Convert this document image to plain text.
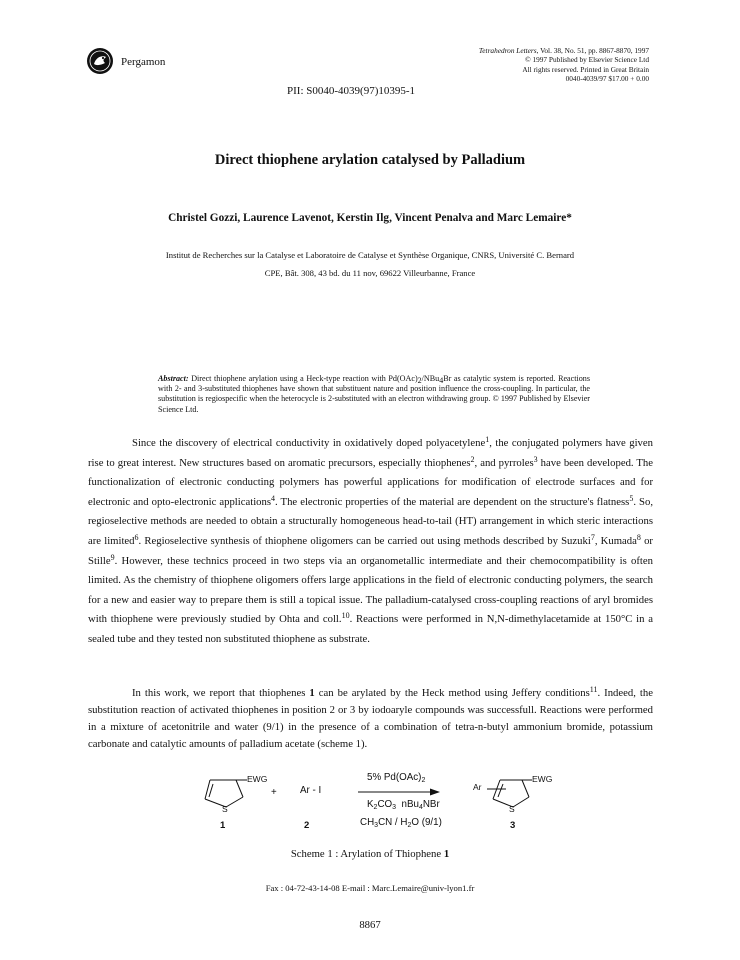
Pergamon
Tetrahedron Letters, Vol. 38, No. 51, pp. 8867-8870, 1997
© 1997 Published by Elsevier Science Ltd
All rights reserved. Printed in Great Britain
0040-4039/97 $17.00 + 0.00
PII: S0040-4039(97)10395-1
Direct thiophene arylation catalysed by Palladium
Christel Gozzi, Laurence Lavenot, Kerstin Ilg, Vincent Penalva and Marc Lemaire*
Institut de Recherches sur la Catalyse et Laboratoire de Catalyse et Synthèse Organique, CNRS, Université C. Bernard
CPE, Bât. 308, 43 bd. du 11 nov, 69622 Villeurbanne, France
Abstract: Direct thiophene arylation using a Heck-type reaction with $Pd(OAc)_2/NBu_4Br$ as catalytic system is reported. Reactions with 2- and 3-substituted thiophenes have shown that substituent nature and position influence the cross-coupling. In particular, the substitution is regiospecific when the heterocycle is 2-substituted with an electron withdrawing group. © 1997 Published by Elsevier Science Ltd.

Since the discovery of electrical conductivity in oxidatively doped polyacetylene$^1$, the conjugated polymers have given rise to great interest. New structures based on aromatic precursors, especially thiophenes$^2$, and pyrroles$^3$ have been developed. The functionalization of electronic conducting polymers has powerful applications for modification of electrode surfaces and for electronic and opto-electronic applications$^4$. The electronic properties of the material are dependent on the structure's flatness$^5$. So, regioselective methods are needed to obtain a structurally homogeneous head-to-tail (HT) arrangement in which steric interactions are limited$^6$. Regioselective synthesis of thiophene oligomers can be carried out using methods described by Suzuki$^7$, Kumada$^8$ or Stille$^9$. However, these technics proceed in two steps via an organometallic intermediate and their chemocompatibility is often limited. As the chemistry of thiophene oligomers offers large applications in the field of electronic conducting polymers, the search for a new and easier way to prepare them is still a topical issue. The palladium-catalysed cross-coupling reactions of aryl bromides with thiophene were previously studied by Ohta and coll.$^{10}$. Reactions were performed in N,N-dimethylacetamide at 150°C in a sealed tube and they tested non substituted thiophene as substrate.

In this work, we report that thiophenes 1 can be arylated by the Heck method using Jeffery conditions$^{11}$. Indeed, the substitution reaction of activated thiophenes in position 2 or 3 by iodoaryle compounds was successfull. Reactions were performed in a mixture of acetonitrile and water (9/1) in the presence of a combination of tetra-n-butyl ammonium bromide, potassium carbonate and catalytic amounts of palladium acetate (scheme 1).

EWG
S
+ Ar - I
5% $Pd(OAc)_2$
$K_2CO_3$ nBu$_4$NBr
$CH_3CN / H_2O$ (9/1)
Ar
EWG
S
1	2	3
Scheme 1 : Arylation of Thiophene 1
Fax : 04-72-43-14-08 E-mail : Marc.Lemaire@univ-lyon1.fr
8867
